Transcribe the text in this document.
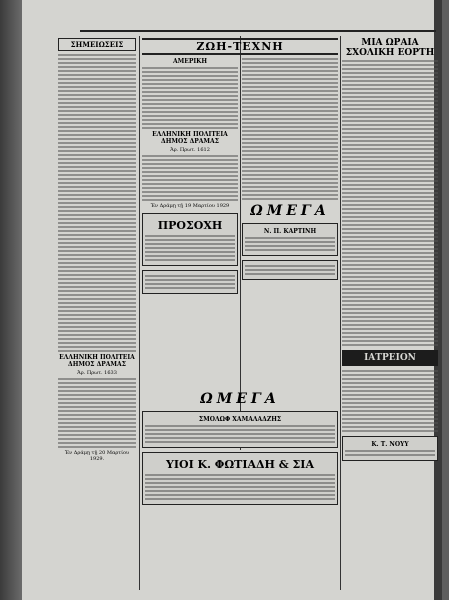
ΣΗΜΕΙΩΣΕΙΣ
ΕΛΛΗΝΙΚΗ ΠΟΛΙΤΕΙΑ ΔΗΜΟΣ ΔΡΑΜΑΣ
Ἀρ. Πρωτ. 1633
Ἐν Δράμῃ τῇ 20 Μαρτίου 1929.
ΖΩΗ-ΤΕΧΝΗ
ΑΜΕΡΙΚΗ
ΕΛΛΗΝΙΚΗ ΠΟΛΙΤΕΙΑ ΔΗΜΟΣ ΔΡΑΜΑΣ
Ἀρ. Πρωτ. 1612
Ἐν Δράμῃ τῇ 19 Μαρτίου 1929
ΠΡΟΣΟΧΗ
ΩΜΕΓΑ
Ν. Π. ΚΑΡΤΙΝΗ
ΩΜΕΓΑ
ΣΜΟΛΩΦ ΧΑΜΑΛΑΔΖΗΣ
ΥΙΟΙ Κ. ΦΩΤΙΑΔΗ & ΣΙΑ
ΜΙΑ ΩΡΑΙΑ ΣΧΟΛΙΚΗ ΕΟΡΤΗ
ΙΑΤΡΕΙΟΝ
Κ. Τ. ΝΟΥΥ
